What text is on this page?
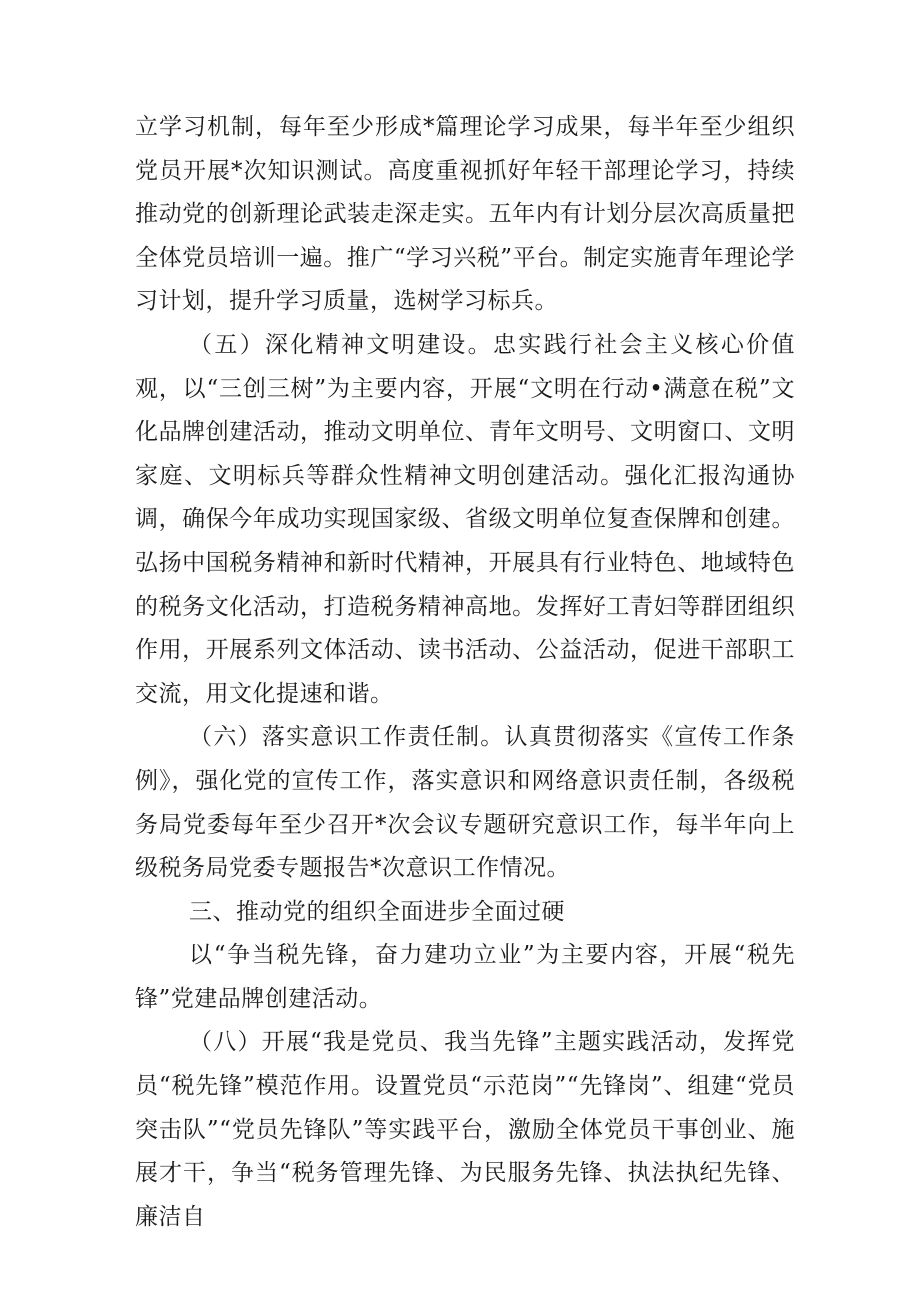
立学习机制，每年至少形成*篇理论学习成果，每半年至少组织党员开展*次知识测试。高度重视抓好年轻干部理论学习，持续推动党的创新理论武装走深走实。五年内有计划分层次高质量把全体党员培训一遍。推广“学习兴税”平台。制定实施青年理论学习计划，提升学习质量，选树学习标兵。

（五）深化精神文明建设。忠实践行社会主义核心价值观，以“三创三树”为主要内容，开展“文明在行动•满意在税”文化品牌创建活动，推动文明单位、青年文明号、文明窗口、文明家庭、文明标兵等群众性精神文明创建活动。强化汇报沟通协调，确保今年成功实现国家级、省级文明单位复查保牌和创建。弘扬中国税务精神和新时代精神，开展具有行业特色、地域特色的税务文化活动，打造税务精神高地。发挥好工青妇等群团组织作用，开展系列文体活动、读书活动、公益活动，促进干部职工交流，用文化提速和谐。

（六）落实意识工作责任制。认真贯彻落实《宣传工作条例》，强化党的宣传工作，落实意识和网络意识责任制，各级税务局党委每年至少召开*次会议专题研究意识工作，每半年向上级税务局党委专题报告*次意识工作情况。

三、推动党的组织全面进步全面过硬

以“争当税先锋，奋力建功立业”为主要内容，开展“税先锋”党建品牌创建活动。

（八）开展“我是党员、我当先锋”主题实践活动，发挥党员“税先锋”模范作用。设置党员“示范岗”“先锋岗”、组建“党员突击队”“党员先锋队”等实践平台，激励全体党员干事创业、施展才干，争当“税务管理先锋、为民服务先锋、执法执纪先锋、廉洁自
